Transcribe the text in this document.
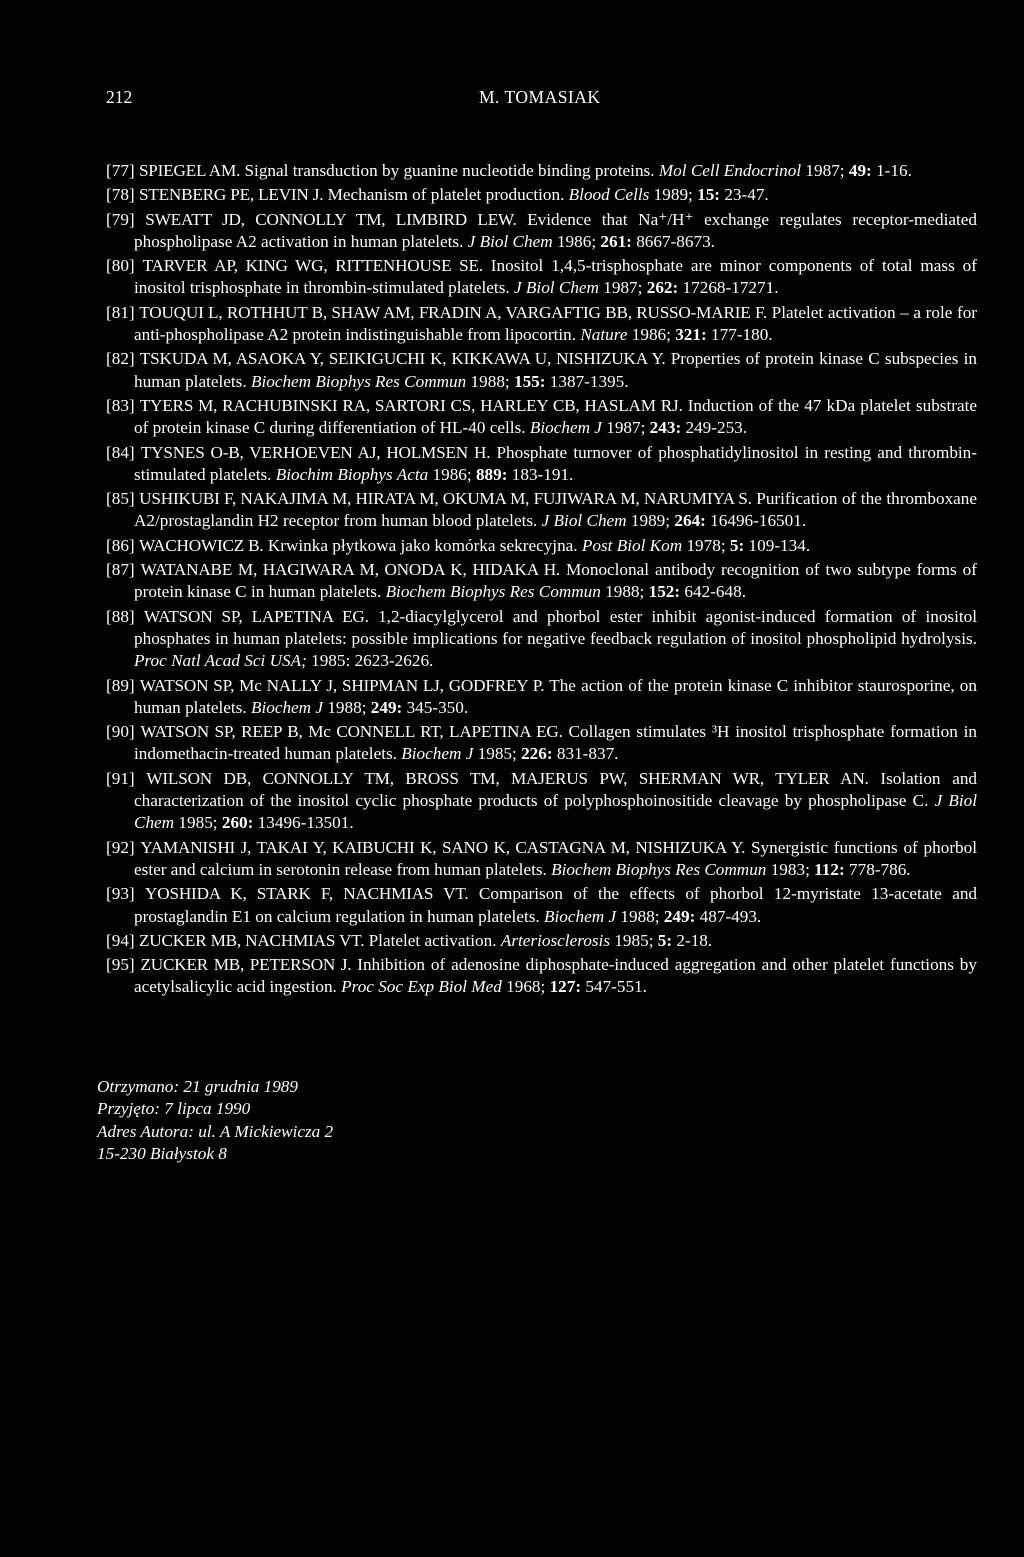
212	M. TOMASIAK
[77] SPIEGEL AM. Signal transduction by guanine nucleotide binding proteins. Mol Cell Endocrinol 1987; 49: 1-16.
[78] STENBERG PE, LEVIN J. Mechanism of platelet production. Blood Cells 1989; 15: 23-47.
[79] SWEATT JD, CONNOLLY TM, LIMBIRD LEW. Evidence that Na⁺/H⁺ exchange regulates receptor-mediated phospholipase A2 activation in human platelets. J Biol Chem 1986; 261: 8667-8673.
[80] TARVER AP, KING WG, RITTENHOUSE SE. Inositol 1,4,5-trisphosphate are minor components of total mass of inositol trisphosphate in thrombin-stimulated platelets. J Biol Chem 1987; 262: 17268-17271.
[81] TOUQUI L, ROTHHUT B, SHAW AM, FRADIN A, VARGAFTIG BB, RUSSO-MARIE F. Platelet activation – a role for anti-phospholipase A2 protein indistinguishable from lipocortin. Nature 1986; 321: 177-180.
[82] TSKUDA M, ASAOKA Y, SEIKIGUCHI K, KIKKAWA U, NISHIZUKA Y. Properties of protein kinase C subspecies in human platelets. Biochem Biophys Res Commun 1988; 155: 1387-1395.
[83] TYERS M, RACHUBINSKI RA, SARTORI CS, HARLEY CB, HASLAM RJ. Induction of the 47 kDa platelet substrate of protein kinase C during differentiation of HL-40 cells. Biochem J 1987; 243: 249-253.
[84] TYSNES O-B, VERHOEVEN AJ, HOLMSEN H. Phosphate turnover of phosphatidylinositol in resting and thrombin-stimulated platelets. Biochim Biophys Acta 1986; 889: 183-191.
[85] USHIKUBI F, NAKAJIMA M, HIRATA M, OKUMA M, FUJIWARA M, NARUMIYA S. Purification of the thromboxane A2/prostaglandin H2 receptor from human blood platelets. J Biol Chem 1989; 264: 16496-16501.
[86] WACHOWICZ B. Krwinka płytkowa jako komórka sekrecyjna. Post Biol Kom 1978; 5: 109-134.
[87] WATANABE M, HAGIWARA M, ONODA K, HIDAKA H. Monoclonal antibody recognition of two subtype forms of protein kinase C in human platelets. Biochem Biophys Res Commun 1988; 152: 642-648.
[88] WATSON SP, LAPETINA EG. 1,2-diacylglycerol and phorbol ester inhibit agonist-induced formation of inositol phosphates in human platelets: possible implications for negative feedback regulation of inositol phospholipid hydrolysis. Proc Natl Acad Sci USA; 1985: 2623-2626.
[89] WATSON SP, Mc NALLY J, SHIPMAN LJ, GODFREY P. The action of the protein kinase C inhibitor staurosporine, on human platelets. Biochem J 1988; 249: 345-350.
[90] WATSON SP, REEP B, Mc CONNELL RT, LAPETINA EG. Collagen stimulates ³H inositol trisphosphate formation in indomethacin-treated human platelets. Biochem J 1985; 226: 831-837.
[91] WILSON DB, CONNOLLY TM, BROSS TM, MAJERUS PW, SHERMAN WR, TYLER AN. Isolation and characterization of the inositol cyclic phosphate products of polyphosphoinositide cleavage by phospholipase C. J Biol Chem 1985; 260: 13496-13501.
[92] YAMANISHI J, TAKAI Y, KAIBUCHI K, SANO K, CASTAGNA M, NISHIZUKA Y. Synergistic functions of phorbol ester and calcium in serotonin release from human platelets. Biochem Biophys Res Commun 1983; 112: 778-786.
[93] YOSHIDA K, STARK F, NACHMIAS VT. Comparison of the effects of phorbol 12-myristate 13-acetate and prostaglandin E1 on calcium regulation in human platelets. Biochem J 1988; 249: 487-493.
[94] ZUCKER MB, NACHMIAS VT. Platelet activation. Arteriosclerosis 1985; 5: 2-18.
[95] ZUCKER MB, PETERSON J. Inhibition of adenosine diphosphate-induced aggregation and other platelet functions by acetylsalicylic acid ingestion. Proc Soc Exp Biol Med 1968; 127: 547-551.
Otrzymano: 21 grudnia 1989
Przyjęto: 7 lipca 1990
Adres Autora: ul. A Mickiewicza 2
15-230 Białystok 8
